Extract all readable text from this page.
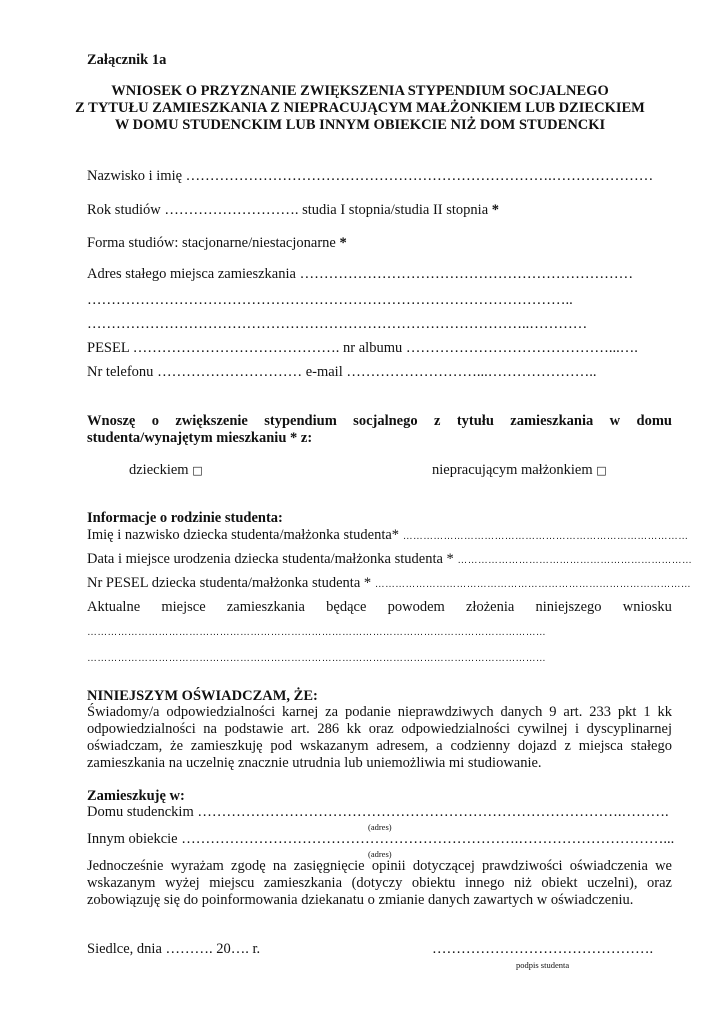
Załącznik 1a
WNIOSEK O PRZYZNANIE ZWIĘKSZENIA STYPENDIUM SOCJALNEGO
Z TYTUŁU ZAMIESZKANIA Z NIEPRACUJĄCYM MAŁŻONKIEM LUB DZIECKIEM
W DOMU STUDENCKIM LUB INNYM OBIEKCIE NIŻ DOM STUDENCKI
Nazwisko i imię ………………………………………………………………….…………………
Rok studiów ………………………. studia I stopnia/studia II stopnia *
Forma studiów: stacjonarne/niestacjonarne *
Adres stałego miejsca zamieszkania ……………………………………………………………
………………………………………………………………………………………..
………………………………………………………………………………..…………
PESEL ……………………………………. nr albumu ……………………………………...….
Nr telefonu ………………………… e-mail ………………………...…………………..
Wnoszę o zwiększenie stypendium socjalnego z tytułu zamieszkania w domu
studenta/wynajętym mieszkaniu * z:
dzieckiem □	niepracującym małżonkiem □
Informacje o rodzinie studenta:
Imię i nazwisko dziecka studenta/małżonka studenta* …………………………………………………………………………
Data i miejsce urodzenia dziecka studenta/małżonka studenta * ……………………………………………………………
Nr PESEL dziecka studenta/małżonka studenta * …………………………………………………………………………………
Aktualne miejsce zamieszkania będące powodem złożenia niniejszego wniosku
………………………………………………………………………………………………………………………
………………………………………………………………………………………………………………………
NINIEJSZYM OŚWIADCZAM, ŻE:
Świadomy/a odpowiedzialności karnej za podanie nieprawdziwych danych 9 art. 233 pkt 1 kk odpowiedzialności na podstawie art. 286 kk oraz odpowiedzialności cywilnej i dyscyplinarnej oświadczam, że zamieszkuję pod wskazanym adresem, a codzienny dojazd z miejsca stałego zamieszkania na uczelnię znacznie utrudnia lub uniemożliwia mi studiowanie.
Zamieszkuję w:
Domu studenckim …………………………………………………………………………….……….
(adres)
Innym obiekcie …………………………………………………………….…………………………...
(adres)
Jednocześnie wyrażam zgodę na zasięgnięcie opinii dotyczącej prawdziwości oświadczenia we wskazanym wyżej miejscu zamieszkania (dotyczy obiektu innego niż obiekt uczelni), oraz zobowiązuję się do poinformowania dziekanatu o zmianie danych zawartych w oświadczeniu.
Siedlce, dnia ………. 20…. r.	……………………………………….
podpis studenta
